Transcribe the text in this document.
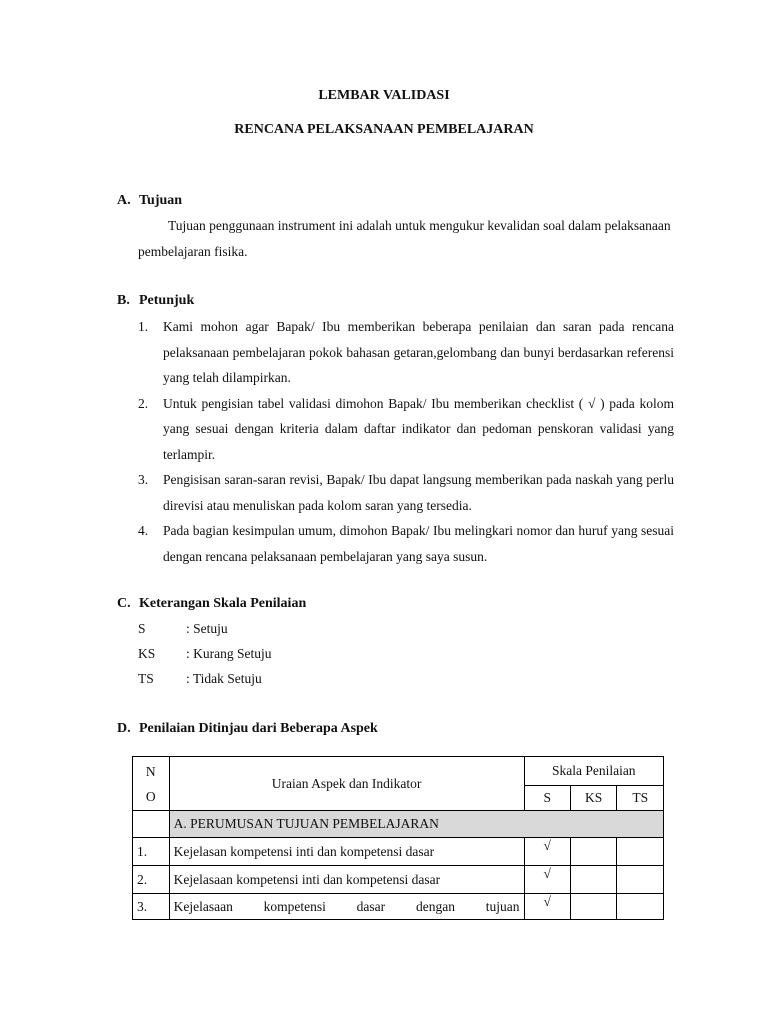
LEMBAR VALIDASI
RENCANA PELAKSANAAN PEMBELAJARAN
A. Tujuan
Tujuan penggunaan instrument ini adalah untuk mengukur kevalidan soal dalam pelaksanaan pembelajaran fisika.
B. Petunjuk
1. Kami mohon agar Bapak/ Ibu memberikan beberapa penilaian dan saran pada rencana pelaksanaan pembelajaran pokok bahasan getaran,gelombang dan bunyi berdasarkan referensi yang telah dilampirkan.
2. Untuk pengisian tabel validasi dimohon Bapak/ Ibu memberikan checklist ( √ ) pada kolom yang sesuai dengan kriteria dalam daftar indikator dan pedoman penskoran validasi yang terlampir.
3. Pengisisan saran-saran revisi, Bapak/ Ibu dapat langsung memberikan pada naskah yang perlu direvisi atau menuliskan pada kolom saran yang tersedia.
4. Pada bagian kesimpulan umum, dimohon Bapak/ Ibu melingkari nomor dan huruf yang sesuai dengan rencana pelaksanaan pembelajaran yang saya susun.
C. Keterangan Skala Penilaian
S	: Setuju
KS : Kurang Setuju
TS : Tidak Setuju
D. Penilaian Ditinjau dari Beberapa Aspek
N
O	Uraian Aspek dan Indikator	Skala Penilaian		
		S	KS	TS
	A. PERUMUSAN TUJUAN PEMBELAJARAN			
1.	Kejelasan kompetensi inti dan kompetensi dasar	√		
2.	Kejelasaan kompetensi inti dan kompetensi dasar	√		
3.	Kejelasaan kompetensi dasar dengan tujuan	√		
